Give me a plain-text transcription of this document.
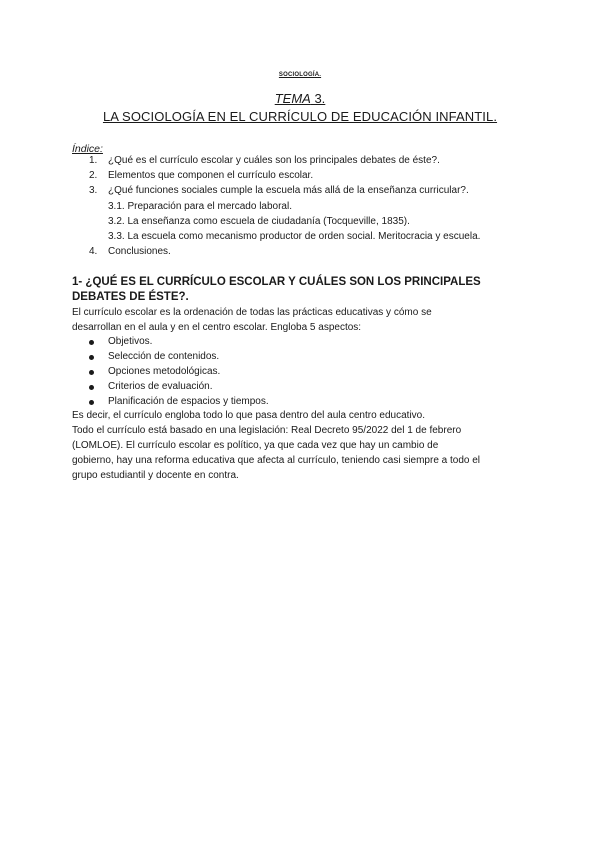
SOCIOLOGÍA.
TEMA 3.
LA SOCIOLOGÍA EN EL CURRÍCULO DE EDUCACIÓN INFANTIL.
Índice:
1. ¿Qué es el currículo escolar y cuáles son los principales debates de éste?.
2. Elementos que componen el currículo escolar.
3. ¿Qué funciones sociales cumple la escuela más allá de la enseñanza curricular?.
3.1. Preparación para el mercado laboral.
3.2. La enseñanza como escuela de ciudadanía (Tocqueville, 1835).
3.3. La escuela como mecanismo productor de orden social. Meritocracia y escuela.
4. Conclusiones.
1- ¿QUÉ ES EL CURRÍCULO ESCOLAR Y CUÁLES SON LOS PRINCIPALES
DEBATES DE ÉSTE?.
El currículo escolar es la ordenación de todas las prácticas educativas y cómo se
desarrollan en el aula y en el centro escolar. Engloba 5 aspectos:
Objetivos.
Selección de contenidos.
Opciones metodológicas.
Criterios de evaluación.
Planificación de espacios y tiempos.
Es decir, el currículo engloba todo lo que pasa dentro del aula centro educativo.
Todo el currículo está basado en una legislación: Real Decreto 95/2022 del 1 de febrero
(LOMLOE). El currículo escolar es político, ya que cada vez que hay un cambio de
gobierno, hay una reforma educativa que afecta al currículo, teniendo casi siempre a todo el
grupo estudiantil y docente en contra.
